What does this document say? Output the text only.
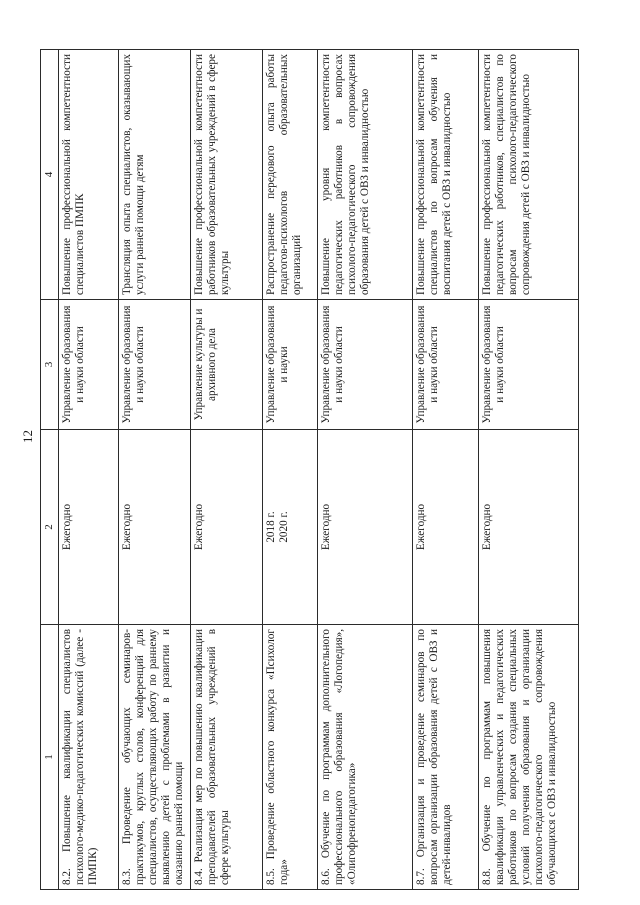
12
1	2	3	4
8.2. Повышение квалификации специалистов психолого-медико-педагогических комиссий (далее - ПМПК)	Ежегодно	Управление образования и науки области	Повышение профессиональной компетентности специалистов ПМПК
8.3. Проведение обучающих семинаров-практикумов, круглых столов, конференций для специалистов, осуществляющих работу по раннему выявлению детей с проблемами в развитии и оказанию ранней помощи	Ежегодно	Управление образования и науки области	Трансляция опыта специалистов, оказывающих услуги ранней помощи детям
8.4. Реализация мер по повышению квалификации преподавателей образовательных учреждений в сфере культуры	Ежегодно	Управление культуры и архивного дела	Повышение профессиональной компетентности работников образовательных учреждений в сфере культуры
8.5. Проведение областного конкурса «Психолог года»	2018 г. 2020 г.	Управление образования и науки	Распространение передового опыта работы педагогов-психологов образовательных организаций
8.6. Обучение по программам дополнительного профессионального образования «Логопедия», «Олигофренопедагогика»	Ежегодно	Управление образования и науки области	Повышение уровня компетентности педагогических работников в вопросах психолого-педагогического сопровождения образования детей с ОВЗ и инвалидностью
8.7. Организация и проведение семинаров по вопросам организации образования детей с ОВЗ и детей-инвалидов	Ежегодно	Управление образования и науки области	Повышение профессиональной компетентности специалистов по вопросам обучения и воспитания детей с ОВЗ и инвалидностью
8.8. Обучение по программам повышения квалификации управленческих и педагогических работников по вопросам создания специальных условий получения образования и организации психолого-педагогического сопровождения обучающихся с ОВЗ и инвалидностью	Ежегодно	Управление образования и науки области	Повышение профессиональной компетентности педагогических работников, специалистов по вопросам психолого-педагогического сопровождения детей с ОВЗ и инвалидностью
